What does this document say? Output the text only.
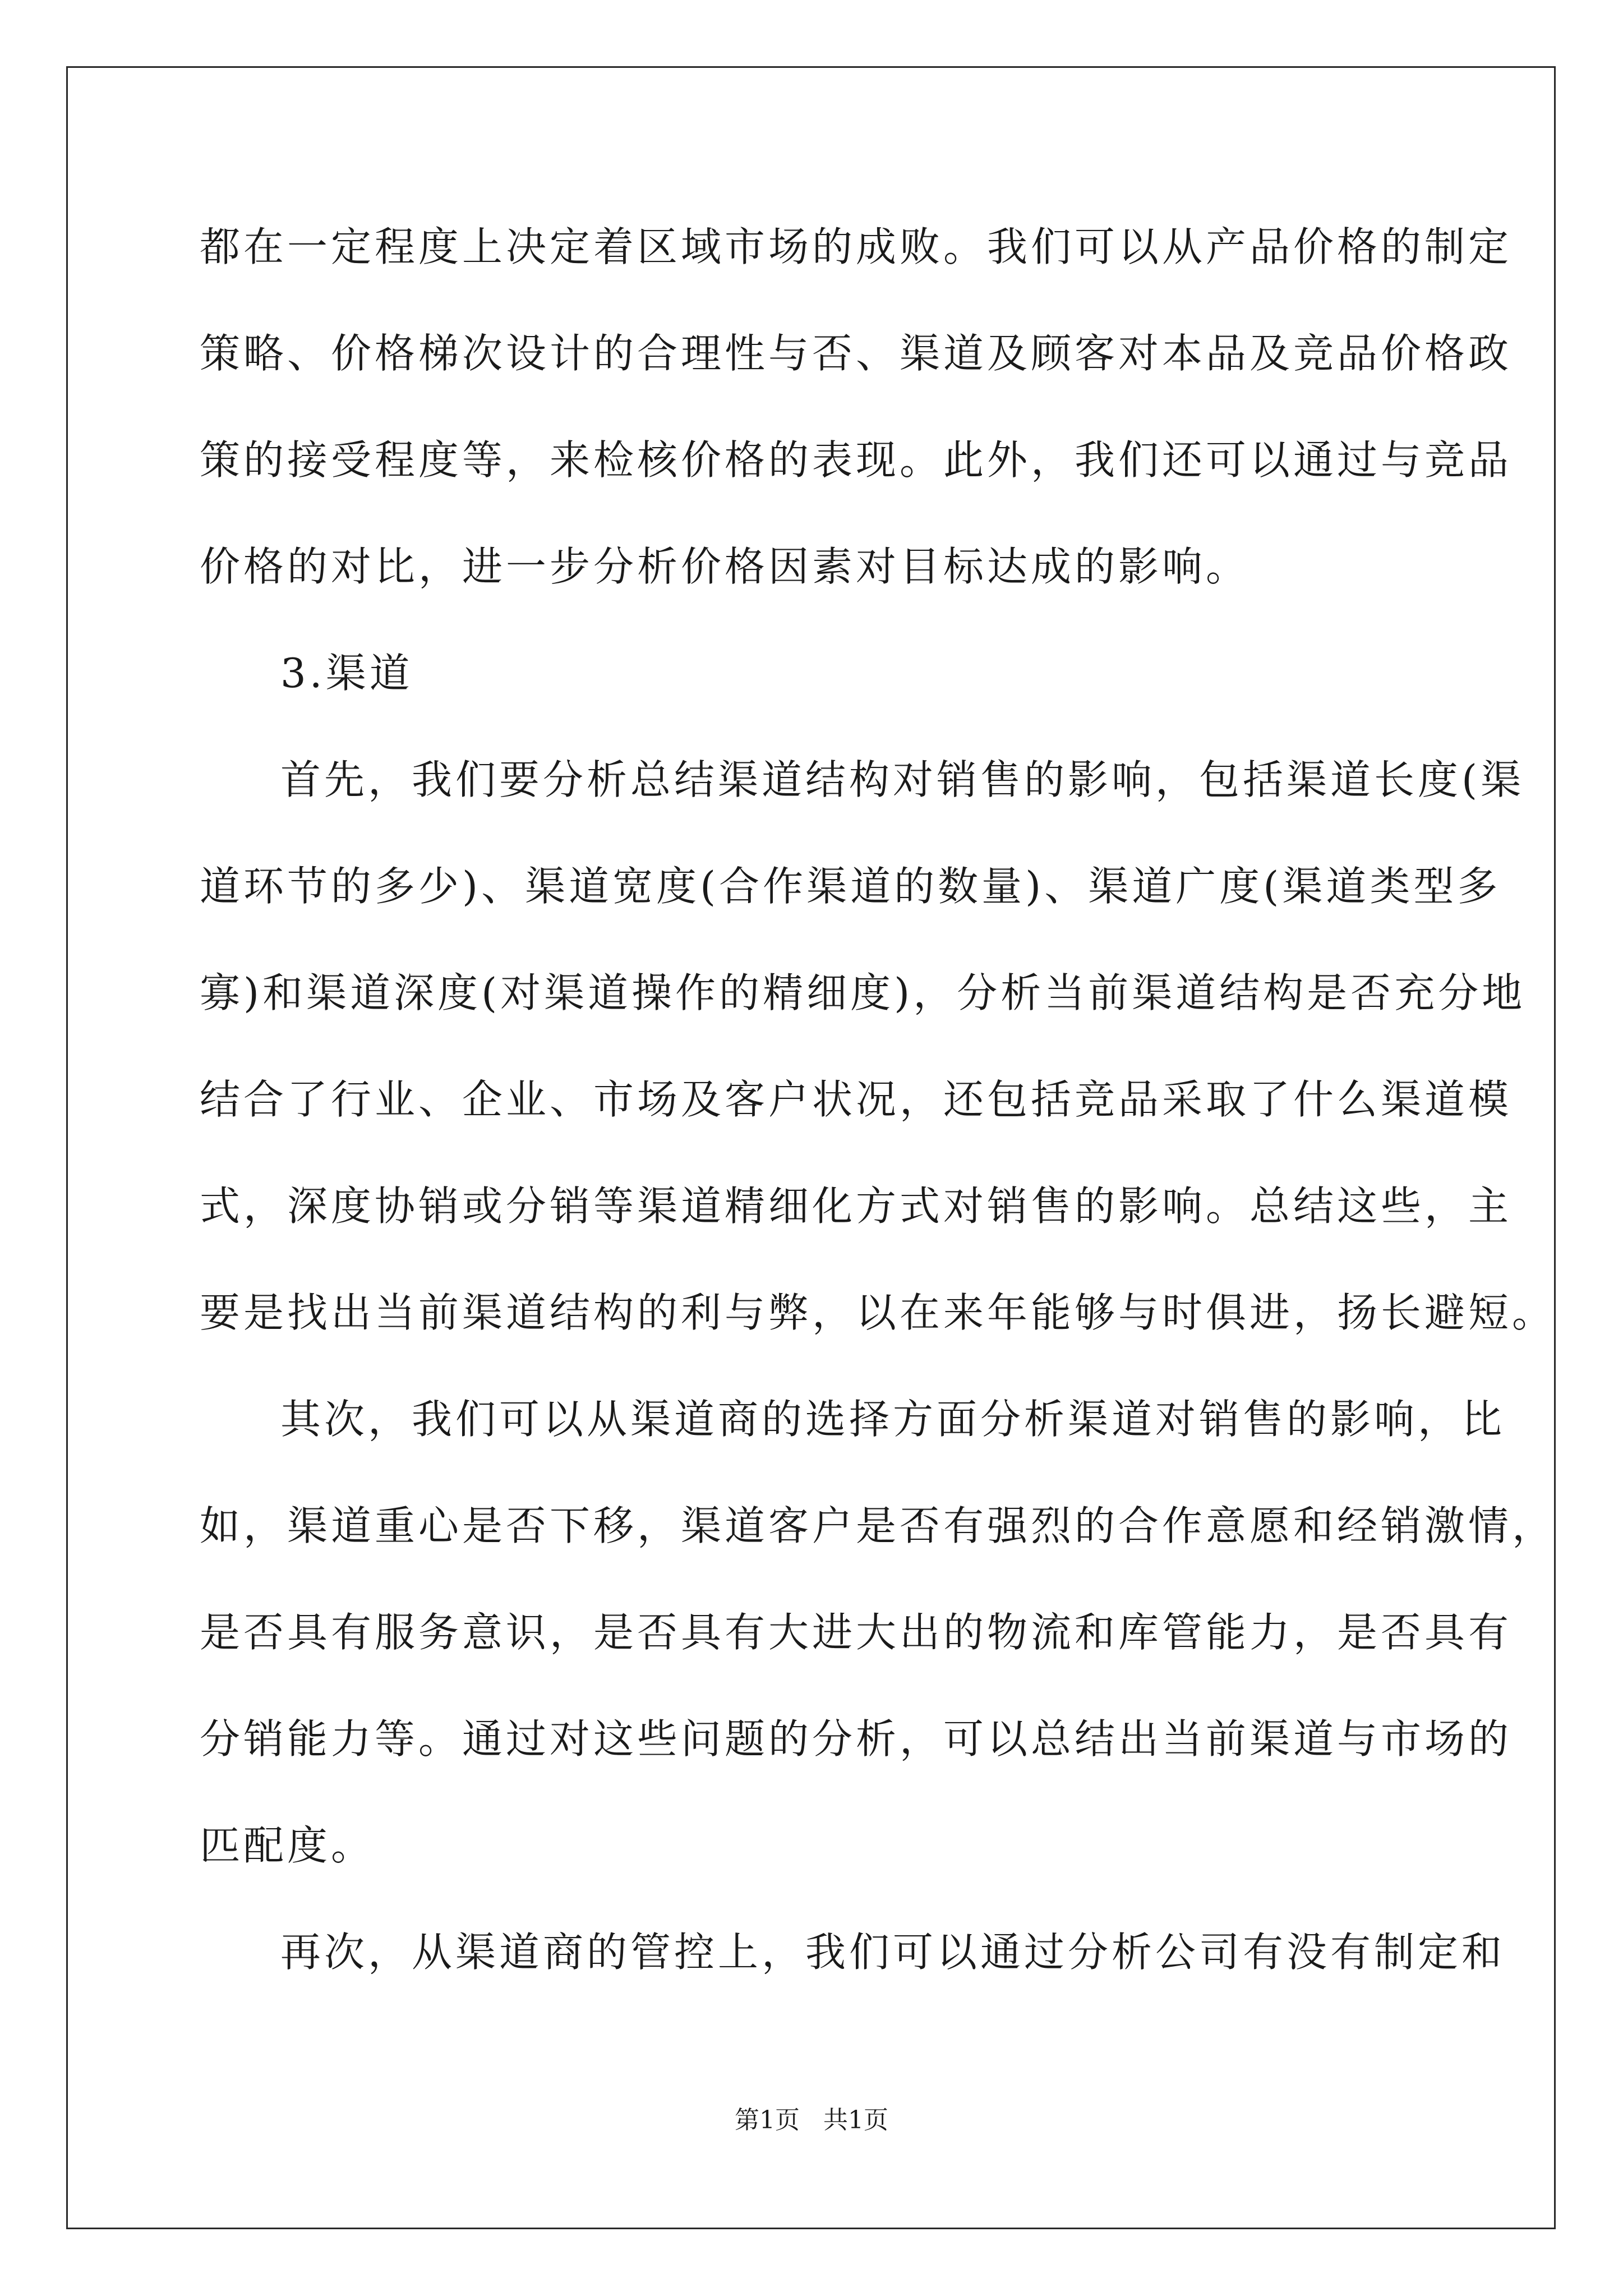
都在一定程度上决定着区域市场的成败。我们可以从产品价格的制定
策略、价格梯次设计的合理性与否、渠道及顾客对本品及竞品价格政
策的接受程度等，来检核价格的表现。此外，我们还可以通过与竞品
价格的对比，进一步分析价格因素对目标达成的影响。
3.渠道
首先，我们要分析总结渠道结构对销售的影响，包括渠道长度(渠
道环节的多少)、渠道宽度(合作渠道的数量)、渠道广度(渠道类型多
寡)和渠道深度(对渠道操作的精细度)，分析当前渠道结构是否充分地
结合了行业、企业、市场及客户状况，还包括竞品采取了什么渠道模
式，深度协销或分销等渠道精细化方式对销售的影响。总结这些，主
要是找出当前渠道结构的利与弊，以在来年能够与时俱进，扬长避短。
其次，我们可以从渠道商的选择方面分析渠道对销售的影响，比
如，渠道重心是否下移，渠道客户是否有强烈的合作意愿和经销激情，
是否具有服务意识，是否具有大进大出的物流和库管能力，是否具有
分销能力等。通过对这些问题的分析，可以总结出当前渠道与市场的
匹配度。
再次，从渠道商的管控上，我们可以通过分析公司有没有制定和
第1页   共1页
